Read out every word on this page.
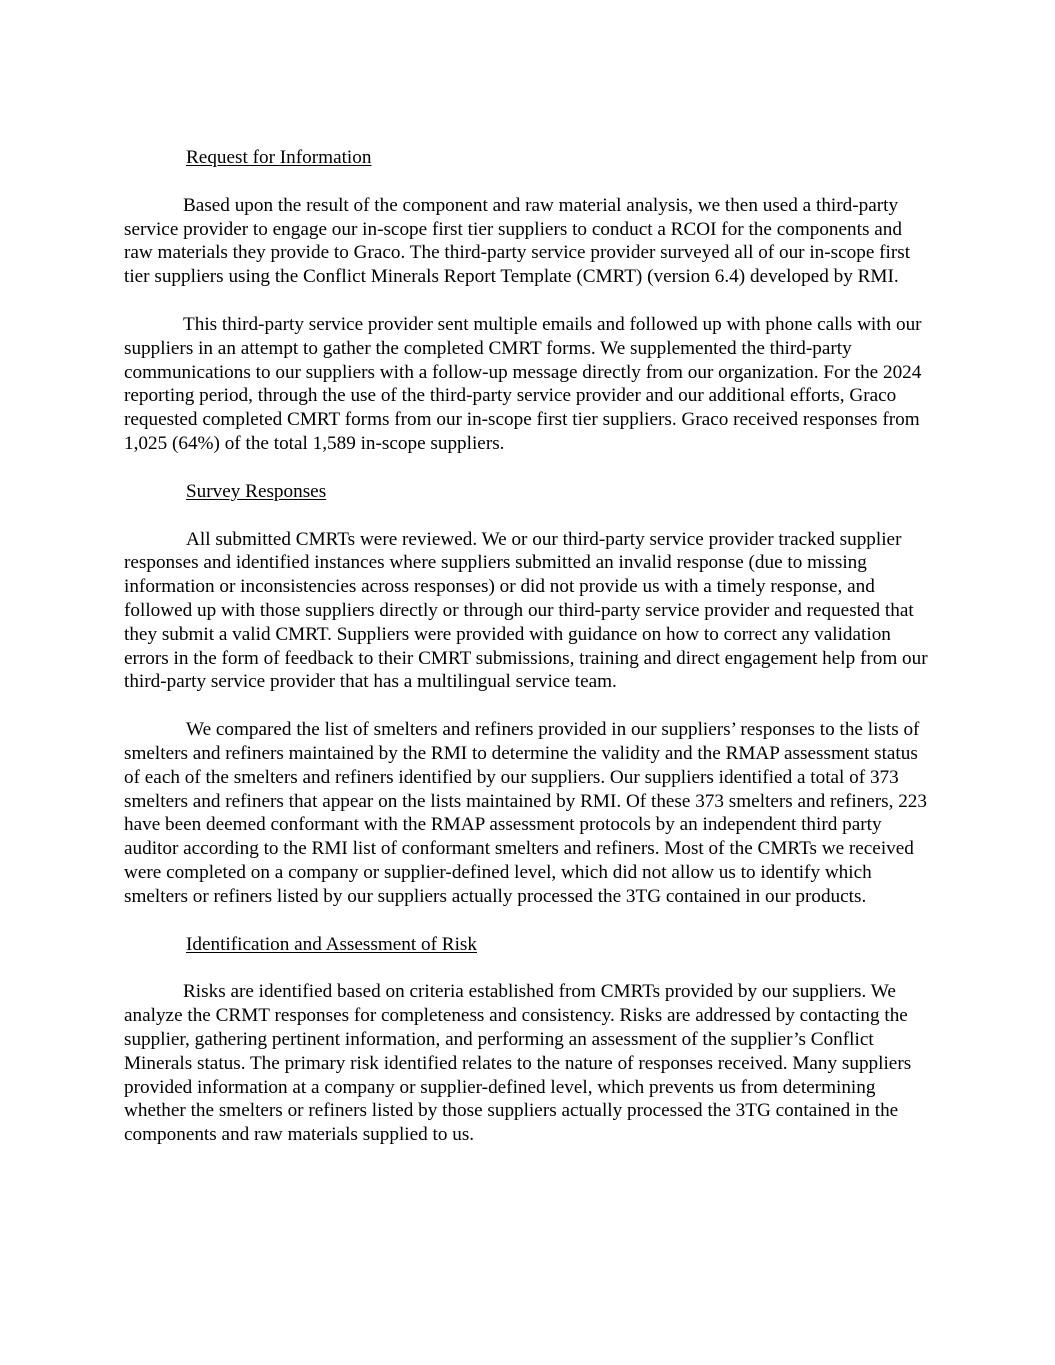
Request for Information

Based upon the result of the component and raw material analysis, we then used a third-party service provider to engage our in-scope first tier suppliers to conduct a RCOI for the components and raw materials they provide to Graco. The third-party service provider surveyed all of our in-scope first tier suppliers using the Conflict Minerals Report Template (CMRT) (version 6.4) developed by RMI.

This third-party service provider sent multiple emails and followed up with phone calls with our suppliers in an attempt to gather the completed CMRT forms. We supplemented the third-party communications to our suppliers with a follow-up message directly from our organization. For the 2024 reporting period, through the use of the third-party service provider and our additional efforts, Graco requested completed CMRT forms from our in-scope first tier suppliers. Graco received responses from 1,025 (64%) of the total 1,589 in-scope suppliers.

Survey Responses

All submitted CMRTs were reviewed. We or our third-party service provider tracked supplier responses and identified instances where suppliers submitted an invalid response (due to missing information or inconsistencies across responses) or did not provide us with a timely response, and followed up with those suppliers directly or through our third-party service provider and requested that they submit a valid CMRT. Suppliers were provided with guidance on how to correct any validation errors in the form of feedback to their CMRT submissions, training and direct engagement help from our third-party service provider that has a multilingual service team.

We compared the list of smelters and refiners provided in our suppliers’ responses to the lists of smelters and refiners maintained by the RMI to determine the validity and the RMAP assessment status of each of the smelters and refiners identified by our suppliers. Our suppliers identified a total of 373 smelters and refiners that appear on the lists maintained by RMI. Of these 373 smelters and refiners, 223 have been deemed conformant with the RMAP assessment protocols by an independent third party auditor according to the RMI list of conformant smelters and refiners. Most of the CMRTs we received were completed on a company or supplier-defined level, which did not allow us to identify which smelters or refiners listed by our suppliers actually processed the 3TG contained in our products.

Identification and Assessment of Risk

Risks are identified based on criteria established from CMRTs provided by our suppliers. We analyze the CRMT responses for completeness and consistency. Risks are addressed by contacting the supplier, gathering pertinent information, and performing an assessment of the supplier’s Conflict Minerals status. The primary risk identified relates to the nature of responses received. Many suppliers provided information at a company or supplier-defined level, which prevents us from determining whether the smelters or refiners listed by those suppliers actually processed the 3TG contained in the components and raw materials supplied to us.
